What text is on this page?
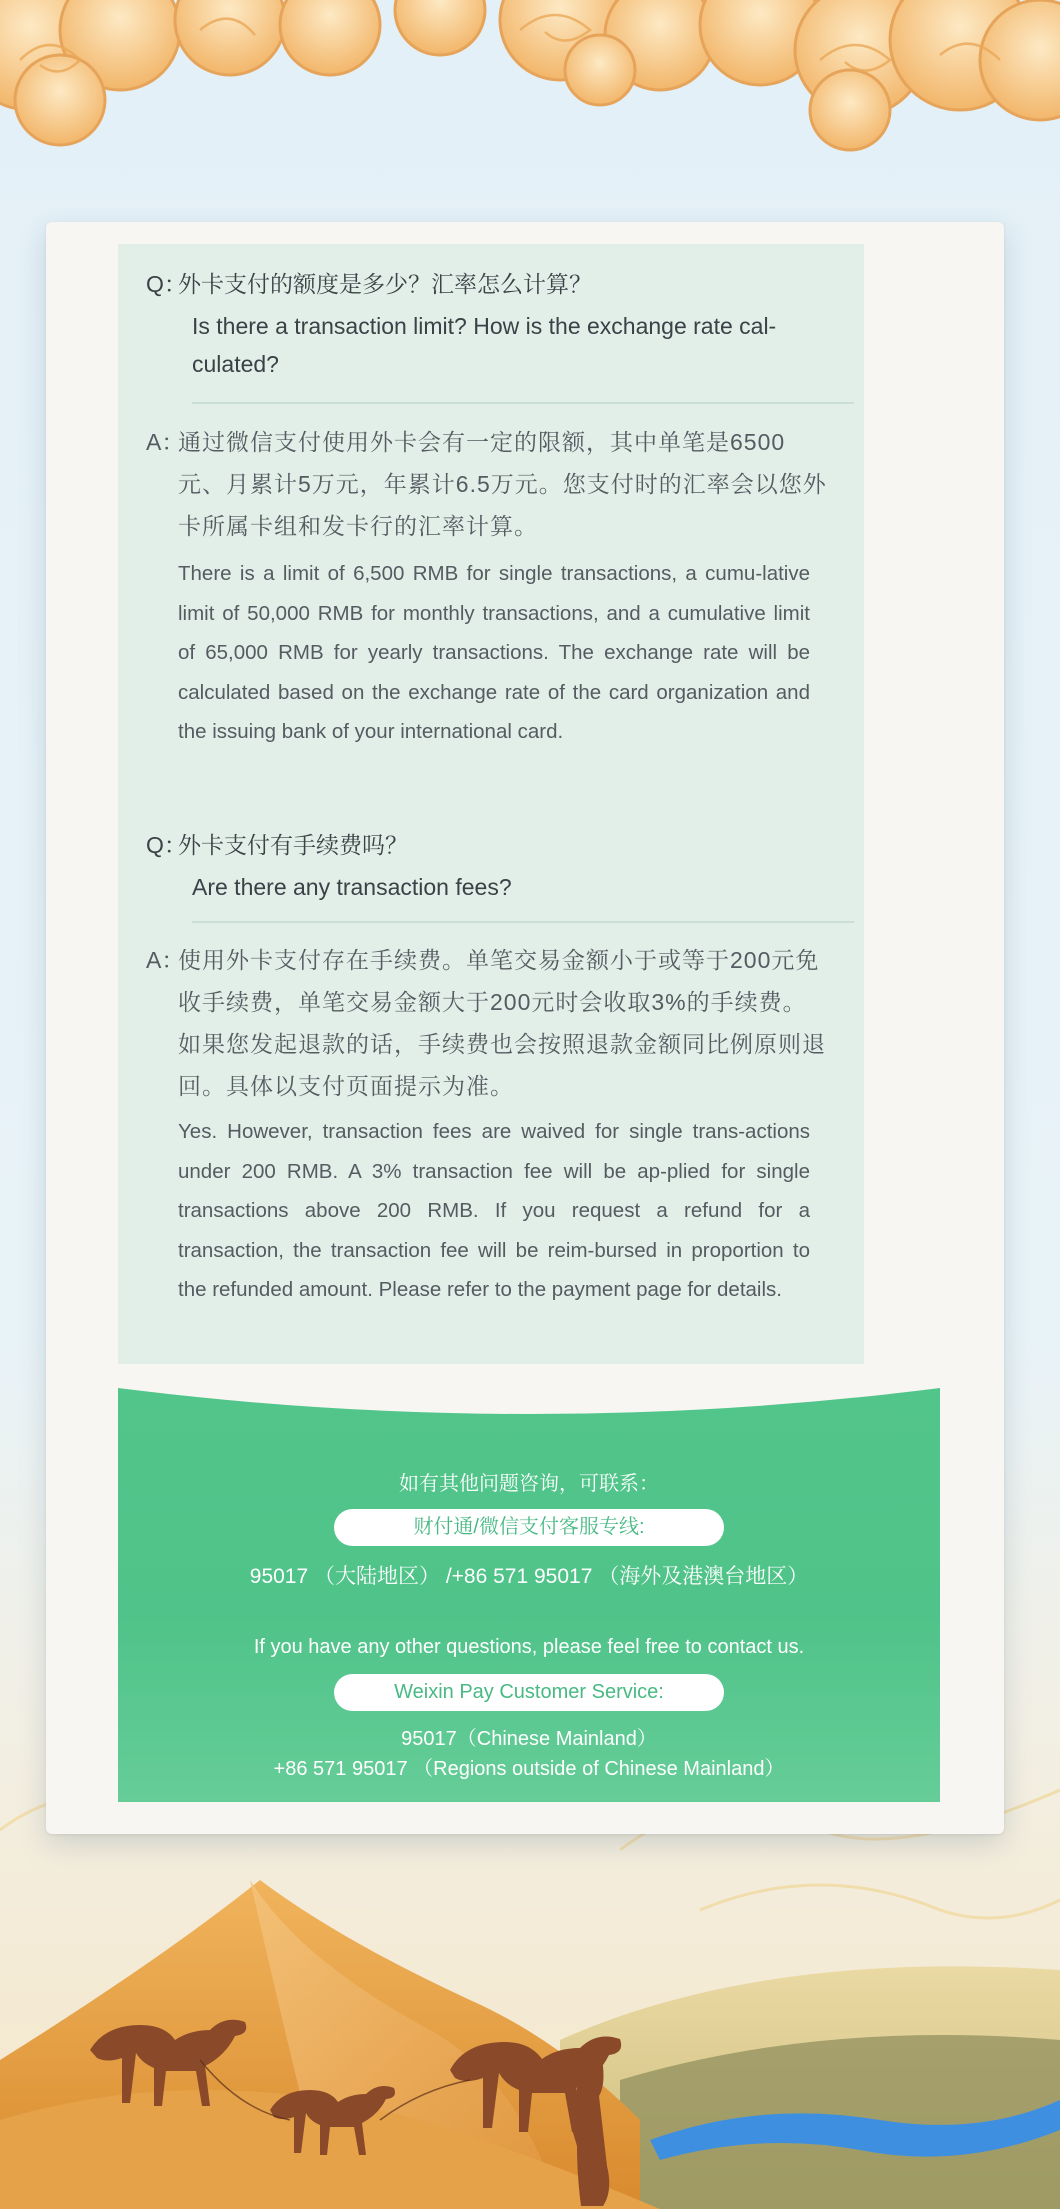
Q：
外卡支付的额度是多少？汇率怎么计算？
Is there a transaction limit? How is the exchange rate cal-culated?
A：
通过微信支付使用外卡会有一定的限额，其中单笔是6500元、月累计5万元，年累计6.5万元。您支付时的汇率会以您外卡所属卡组和发卡行的汇率计算。
There is a limit of 6,500 RMB for single transactions, a cumu-lative limit of 50,000 RMB for monthly transactions, and a cumulative limit of 65,000 RMB for yearly transactions. The exchange rate will be calculated based on the exchange rate of the card organization and the issuing bank of your international card.
Q：
外卡支付有手续费吗？
Are there any transaction fees?
A：
使用外卡支付存在手续费。单笔交易金额小于或等于200元免收手续费，单笔交易金额大于200元时会收取3%的手续费。如果您发起退款的话，手续费也会按照退款金额同比例原则退回。具体以支付页面提示为准。
Yes. However, transaction fees are waived for single trans-actions under 200 RMB. A 3% transaction fee will be ap-plied for single transactions above 200 RMB. If you request a refund for a transaction, the transaction fee will be reim-bursed in proportion to the refunded amount. Please refer to the payment page for details.
如有其他问题咨询，可联系：
财付通/微信支付客服专线:
95017 （大陆地区） /+86 571 95017 （海外及港澳台地区）
If you have any other questions, please feel free to contact us.
Weixin Pay Customer Service:
95017（Chinese Mainland）
+86 571 95017 （Regions outside of Chinese Mainland）
